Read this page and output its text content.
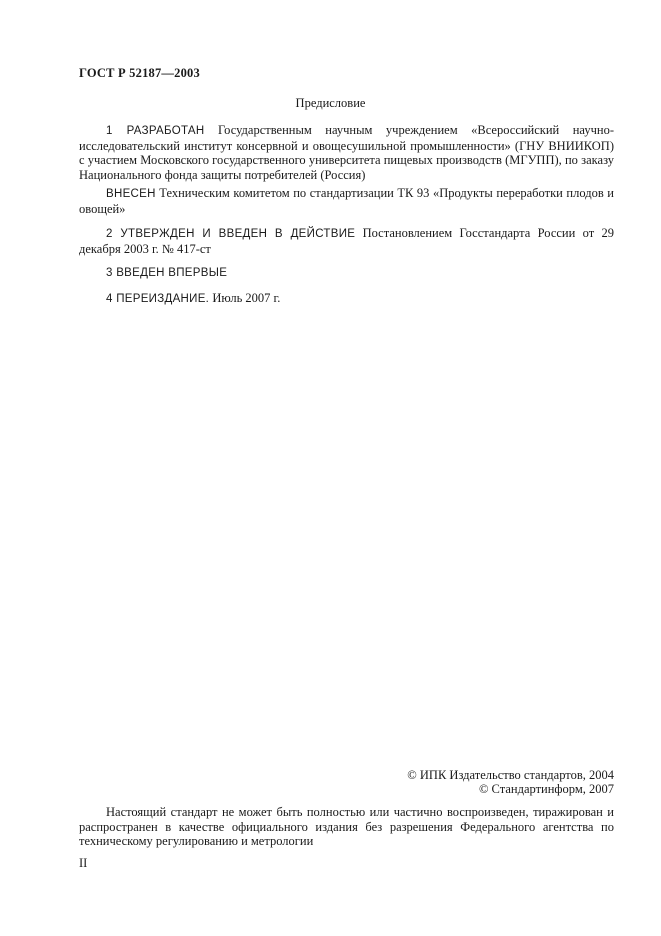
ГОСТ Р 52187—2003
Предисловие
1 РАЗРАБОТАН Государственным научным учреждением «Всероссийский научно-исследовательский институт консервной и овощесушильной промышленности» (ГНУ ВНИИКОП) с участием Московского государственного университета пищевых производств (МГУПП), по заказу Национального фонда защиты потребителей (Россия)
ВНЕСЕН Техническим комитетом по стандартизации ТК 93 «Продукты переработки плодов и овощей»
2 УТВЕРЖДЕН И ВВЕДЕН В ДЕЙСТВИЕ Постановлением Госстандарта России от 29 декабря 2003 г. № 417-ст
3 ВВЕДЕН ВПЕРВЫЕ
4 ПЕРЕИЗДАНИЕ. Июль 2007 г.
© ИПК Издательство стандартов, 2004
© Стандартинформ, 2007
Настоящий стандарт не может быть полностью или частично воспроизведен, тиражирован и распространен в качестве официального издания без разрешения Федерального агентства по техническому регулированию и метрологии
II
